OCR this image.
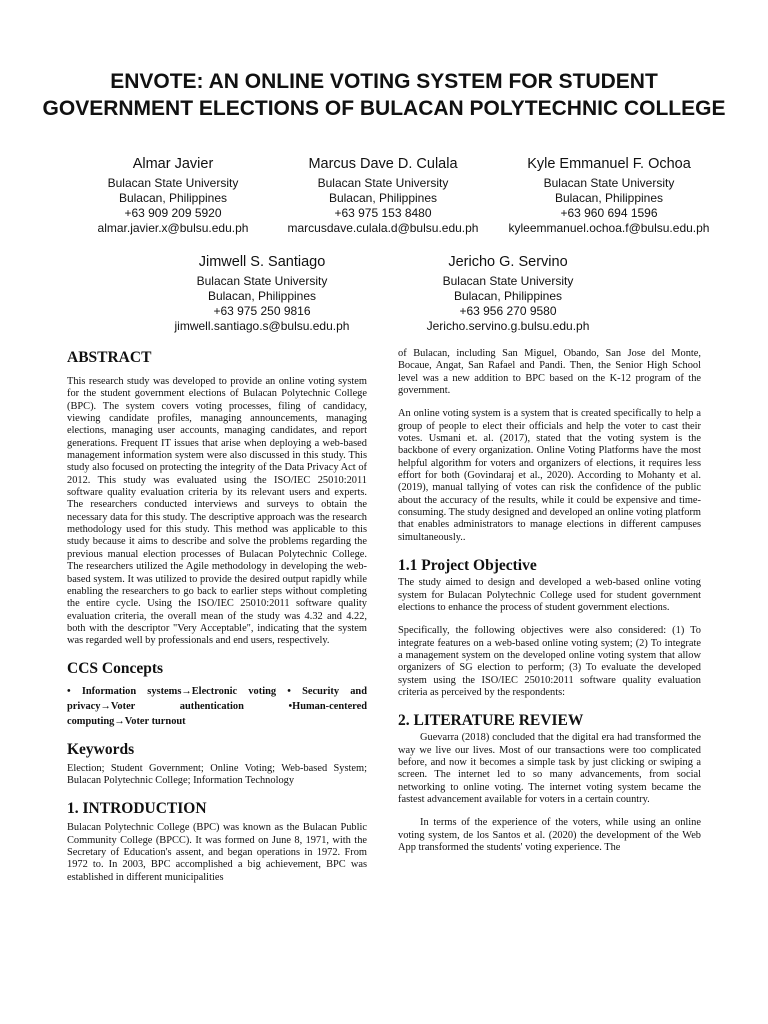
ENVOTE: AN ONLINE VOTING SYSTEM FOR STUDENT GOVERNMENT ELECTIONS OF BULACAN POLYTECHNIC COLLEGE
Almar Javier
Bulacan State University
Bulacan, Philippines
+63 909 209 5920
almar.javier.x@bulsu.edu.ph
Marcus Dave D. Culala
Bulacan State University
Bulacan, Philippines
+63 975 153 8480
marcusdave.culala.d@bulsu.edu.ph
Kyle Emmanuel F. Ochoa
Bulacan State University
Bulacan, Philippines
+63 960 694 1596
kyleemmanuel.ochoa.f@bulsu.edu.ph
Jimwell S. Santiago
Bulacan State University
Bulacan, Philippines
+63 975 250 9816
jimwell.santiago.s@bulsu.edu.ph
Jericho G. Servino
Bulacan State University
Bulacan, Philippines
+63 956 270 9580
Jericho.servino.g.bulsu.edu.ph
ABSTRACT

This research study was developed to provide an online voting system for the student government elections of Bulacan Polytechnic College (BPC). The system covers voting processes, filing of candidacy, viewing candidate profiles, managing announcements, managing elections, managing user accounts, managing candidates, and report generations. Frequent IT issues that arise when deploying a web-based management information system were also discussed in this study. This study also focused on protecting the integrity of the Data Privacy Act of 2012. This study was evaluated using the ISO/IEC 25010:2011 software quality evaluation criteria by its relevant users and experts. The researchers conducted interviews and surveys to obtain the necessary data for this study. The descriptive approach was the research methodology used for this study. This method was applicable to this study because it aims to describe and solve the problems regarding the previous manual election processes of Bulacan Polytechnic College. The researchers utilized the Agile methodology in developing the web-based system. It was utilized to provide the desired output rapidly while enabling the researchers to go back to earlier steps without completing the entire cycle. Using the ISO/IEC 25010:2011 software quality evaluation criteria, the overall mean of the study was 4.32 and 4.22, both with the descriptor "Very Acceptable", indicating that the system was regarded well by professionals and end users, respectively.

CCS Concepts

• Information systems→Electronic voting • Security and privacy→Voter authentication •Human-centered computing→Voter turnout

Keywords

Election; Student Government; Online Voting; Web-based System; Bulacan Polytechnic College; Information Technology

1. INTRODUCTION

Bulacan Polytechnic College (BPC) was known as the Bulacan Public Community College (BPCC). It was formed on June 8, 1971, with the Secretary of Education's assent, and began operations in 1972. From 1972 to. In 2003, BPC accomplished a big achievement, BPC was established in different municipalities

of Bulacan, including San Miguel, Obando, San Jose del Monte, Bocaue, Angat, San Rafael and Pandi. Then, the Senior High School level was a new addition to BPC based on the K-12 program of the government.

An online voting system is a system that is created specifically to help a group of people to elect their officials and help the voter to cast their votes. Usmani et. al. (2017), stated that the voting system is the backbone of every organization. Online Voting Platforms have the most helpful algorithm for voters and organizers of elections, it requires less effort for both (Govindaraj et al., 2020). According to Mohanty et al. (2019), manual tallying of votes can risk the confidence of the public about the accuracy of the results, while it could be expensive and time-consuming. The study designed and developed an online voting platform that enables administrators to manage elections in different campuses simultaneously..

1.1 Project Objective

The study aimed to design and developed a web-based online voting system for Bulacan Polytechnic College used for student government elections to enhance the process of student government elections.

Specifically, the following objectives were also considered: (1) To integrate features on a web-based online voting system; (2) To integrate a management system on the developed online voting system that allow organizers of SG election to perform; (3) To evaluate the developed system using the ISO/IEC 25010:2011 software quality evaluation criteria as perceived by the respondents:

2. LITERATURE REVIEW

Guevarra (2018) concluded that the digital era had transformed the way we live our lives. Most of our transactions were too complicated before, and now it becomes a simple task by just clicking or swiping a screen. The internet led to so many advancements, from social networking to online voting. The internet voting system became the fastest advancement available for voters in a certain country.

In terms of the experience of the voters, while using an online voting system, de los Santos et al. (2020) the development of the Web App transformed the students' voting experience. The
